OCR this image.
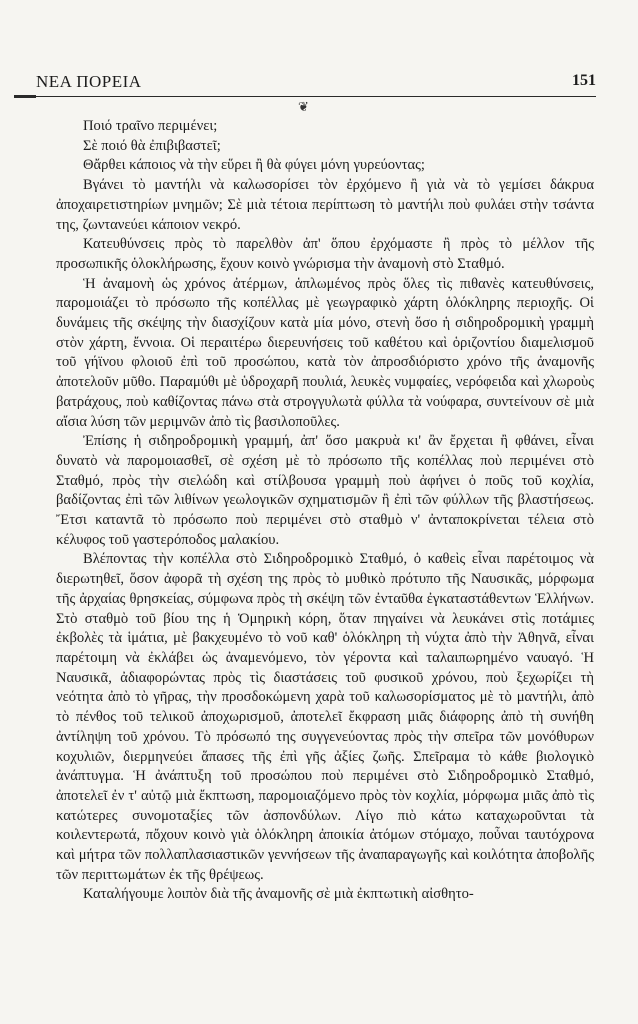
ΝΕΑ ΠΟΡΕΙΑ	151
❦

Ποιό τραῖνο περιμένει;

Σὲ ποιό θὰ ἐπιβιβαστεῖ;

Θἄρθει κάποιος νὰ τὴν εὕρει ἢ θὰ φύγει μόνη γυρεύοντας;

Βγάνει τὸ μαντήλι νὰ καλωσορίσει τὸν ἐρχόμενο ἢ γιὰ νὰ τὸ γεμίσει δάκρυα ἀποχαιρετιστηρίων μνημῶν; Σὲ μιὰ τέτοια περίπτωση τὸ μαντήλι ποὺ φυλάει στὴν τσάντα της, ζωντανεύει κάποιον νεκρό.

Κατευθύνσεις πρὸς τὸ παρελθὸν ἀπ' ὅπου ἐρχόμαστε ἢ πρὸς τὸ μέλλον τῆς προσωπικῆς ὁλοκλήρωσης, ἔχουν κοινὸ γνώρισμα τὴν ἀναμονὴ στὸ Σταθμό.

Ἡ ἀναμονὴ ὡς χρόνος ἀτέρμων, ἁπλωμένος πρὸς ὅλες τὶς πιθανὲς κατευθύνσεις, παρομοιάζει τὸ πρόσωπο τῆς κοπέλλας μὲ γεωγραφικὸ χάρτη ὁλόκληρης περιοχῆς. Οἱ δυνάμεις τῆς σκέψης τὴν διασχίζουν κατὰ μία μόνο, στενὴ ὅσο ἡ σιδηροδρομικὴ γραμμὴ στὸν χάρτη, ἔννοια. Οἱ περαιτέρω διερευνήσεις τοῦ καθέτου καὶ ὁριζοντίου διαμελισμοῦ τοῦ γήϊνου φλοιοῦ ἐπὶ τοῦ προσώπου, κατὰ τὸν ἀπροσδιόριστο χρόνο τῆς ἀναμονῆς ἀποτελοῦν μῦθο. Παραμύθι μὲ ὑδροχαρῆ πουλιά, λευκὲς νυμφαίες, νερόφειδα καὶ χλωροὺς βατράχους, ποὺ καθίζοντας πάνω στὰ στρογγυλωτὰ φύλλα τὰ νούφαρα, συντείνουν σὲ μιὰ αἴσια λύση τῶν μεριμνῶν ἀπὸ τὶς βασιλοποῦλες.

Ἐπίσης ἡ σιδηροδρομικὴ γραμμή, ἀπ' ὅσο μακρυὰ κι' ἂν ἔρχεται ἢ φθάνει, εἶναι δυνατὸ νὰ παρομοιασθεῖ, σὲ σχέση μὲ τὸ πρόσωπο τῆς κοπέλλας ποὺ περιμένει στὸ Σταθμό, πρὸς τὴν σιελώδη καὶ στίλβουσα γραμμὴ ποὺ ἀφήνει ὁ ποῦς τοῦ κοχλία, βαδίζοντας ἐπὶ τῶν λιθίνων γεωλογικῶν σχηματισμῶν ἢ ἐπὶ τῶν φύλλων τῆς βλαστήσεως. Ἔτσι καταντᾶ τὸ πρόσωπο ποὺ περιμένει στὸ σταθμὸ ν' ἀνταποκρίνεται τέλεια στὸ κέλυφος τοῦ γαστερόποδος μαλακίου.

Βλέποντας τὴν κοπέλλα στὸ Σιδηροδρομικὸ Σταθμό, ὁ καθεὶς εἶναι παρέτοιμος νὰ διερωτηθεῖ, ὅσον ἀφορᾶ τὴ σχέση της πρὸς τὸ μυθικὸ πρότυπο τῆς Ναυσικᾶς, μόρφωμα τῆς ἀρχαίας θρησκείας, σύμφωνα πρὸς τὴ σκέψη τῶν ἐνταῦθα ἐγκαταστάθεντων Ἑλλήνων. Στὸ σταθμὸ τοῦ βίου της ἡ Ὁμηρικὴ κόρη, ὅταν πηγαίνει νὰ λευκάνει στὶς ποτάμιες ἐκβολὲς τὰ ἱμάτια, μὲ βακχευμένο τὸ νοῦ καθ' ὁλόκληρη τὴ νύχτα ἀπὸ τὴν Ἀθηνᾶ, εἶναι παρέτοιμη νὰ ἐκλάβει ὡς ἀναμενόμενο, τὸν γέροντα καὶ ταλαιπωρημένο ναυαγό. Ἡ Ναυσικᾶ, ἀδιαφορώντας πρὸς τὶς διαστάσεις τοῦ φυσικοῦ χρόνου, ποὺ ξεχωρίζει τὴ νεότητα ἀπὸ τὸ γῆρας, τὴν προσδοκώμενη χαρὰ τοῦ καλωσορίσματος μὲ τὸ μαντήλι, ἀπὸ τὸ πένθος τοῦ τελικοῦ ἀποχωρισμοῦ, ἀποτελεῖ ἔκφραση μιᾶς διάφορης ἀπὸ τὴ συνήθη ἀντίληψη τοῦ χρόνου. Τὸ πρόσωπό της συγγενεύοντας πρὸς τὴν σπεῖρα τῶν μονόθυρων κοχυλιῶν, διερμηνεύει ἅπασες τῆς ἐπὶ γῆς ἀξίες ζωῆς. Σπεῖραμα τὸ κάθε βιολογικὸ ἀνάπτυγμα. Ἡ ἀνάπτυξη τοῦ προσώπου ποὺ περιμένει στὸ Σιδηροδρομικὸ Σταθμό, ἀποτελεῖ ἐν τ' αὐτῷ μιὰ ἔκπτωση, παρομοιαζόμενο πρὸς τὸν κοχλία, μόρφωμα μιᾶς ἀπὸ τὶς κατώτερες συνομοταξίες τῶν ἀσπονδύλων. Λίγο πιὸ κάτω καταχωροῦνται τὰ κοιλεντερωτά, πὄχουν κοινὸ γιὰ ὁλόκληρη ἀποικία ἀτόμων στόμαχο, ποὖναι ταυτόχρονα καὶ μήτρα τῶν πολλαπλασιαστικῶν γεννήσεων τῆς ἀναπαραγωγῆς καὶ κοιλότητα ἀποβολῆς τῶν περιττωμάτων ἐκ τῆς θρέψεως.

Καταλήγουμε λοιπὸν διὰ τῆς ἀναμονῆς σὲ μιὰ ἐκπτωτικὴ αἰσθητο-
